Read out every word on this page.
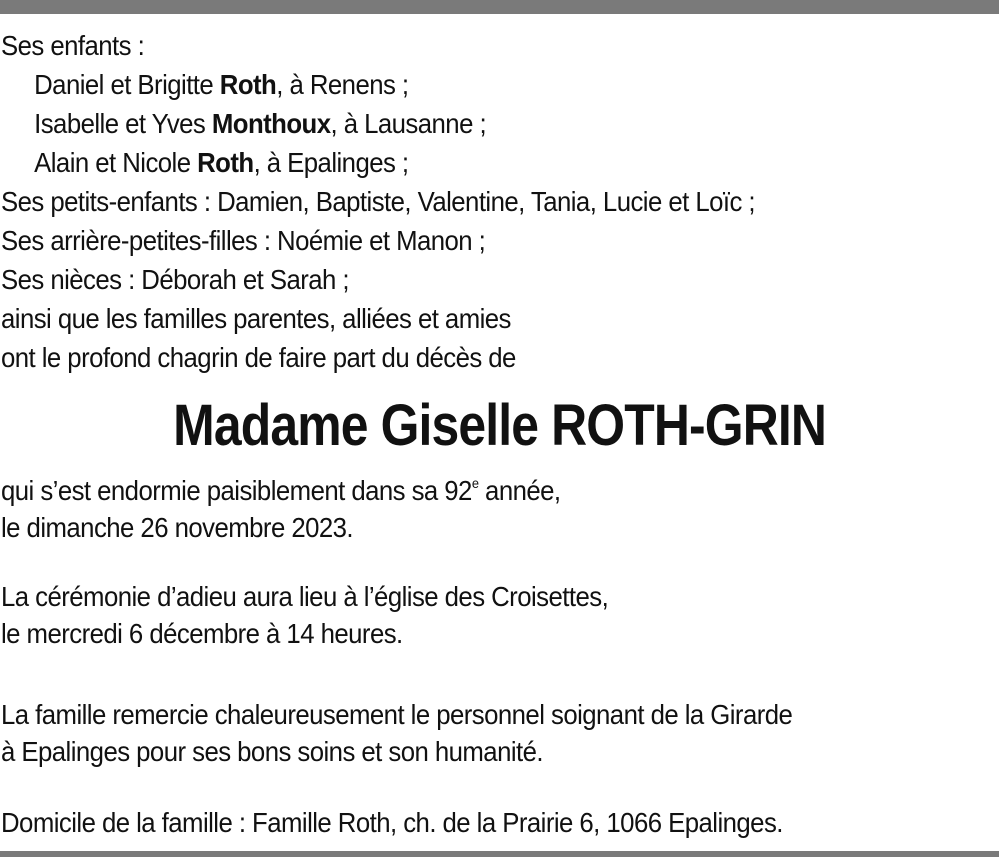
Ses enfants :
Daniel et Brigitte Roth, à Renens ;
Isabelle et Yves Monthoux, à Lausanne ;
Alain et Nicole Roth, à Epalinges ;
Ses petits-enfants : Damien, Baptiste, Valentine, Tania, Lucie et Loïc ;
Ses arrière-petites-filles : Noémie et Manon ;
Ses nièces : Déborah et Sarah ;
ainsi que les familles parentes, alliées et amies
ont le profond chagrin de faire part du décès de
Madame Giselle ROTH-GRIN
qui s’est endormie paisiblement dans sa 92e année,
le dimanche 26 novembre 2023.
La cérémonie d’adieu aura lieu à l’église des Croisettes,
le mercredi 6 décembre à 14 heures.
La famille remercie chaleureusement le personnel soignant de la Girarde
à Epalinges pour ses bons soins et son humanité.
Domicile de la famille : Famille Roth, ch. de la Prairie 6, 1066 Epalinges.
